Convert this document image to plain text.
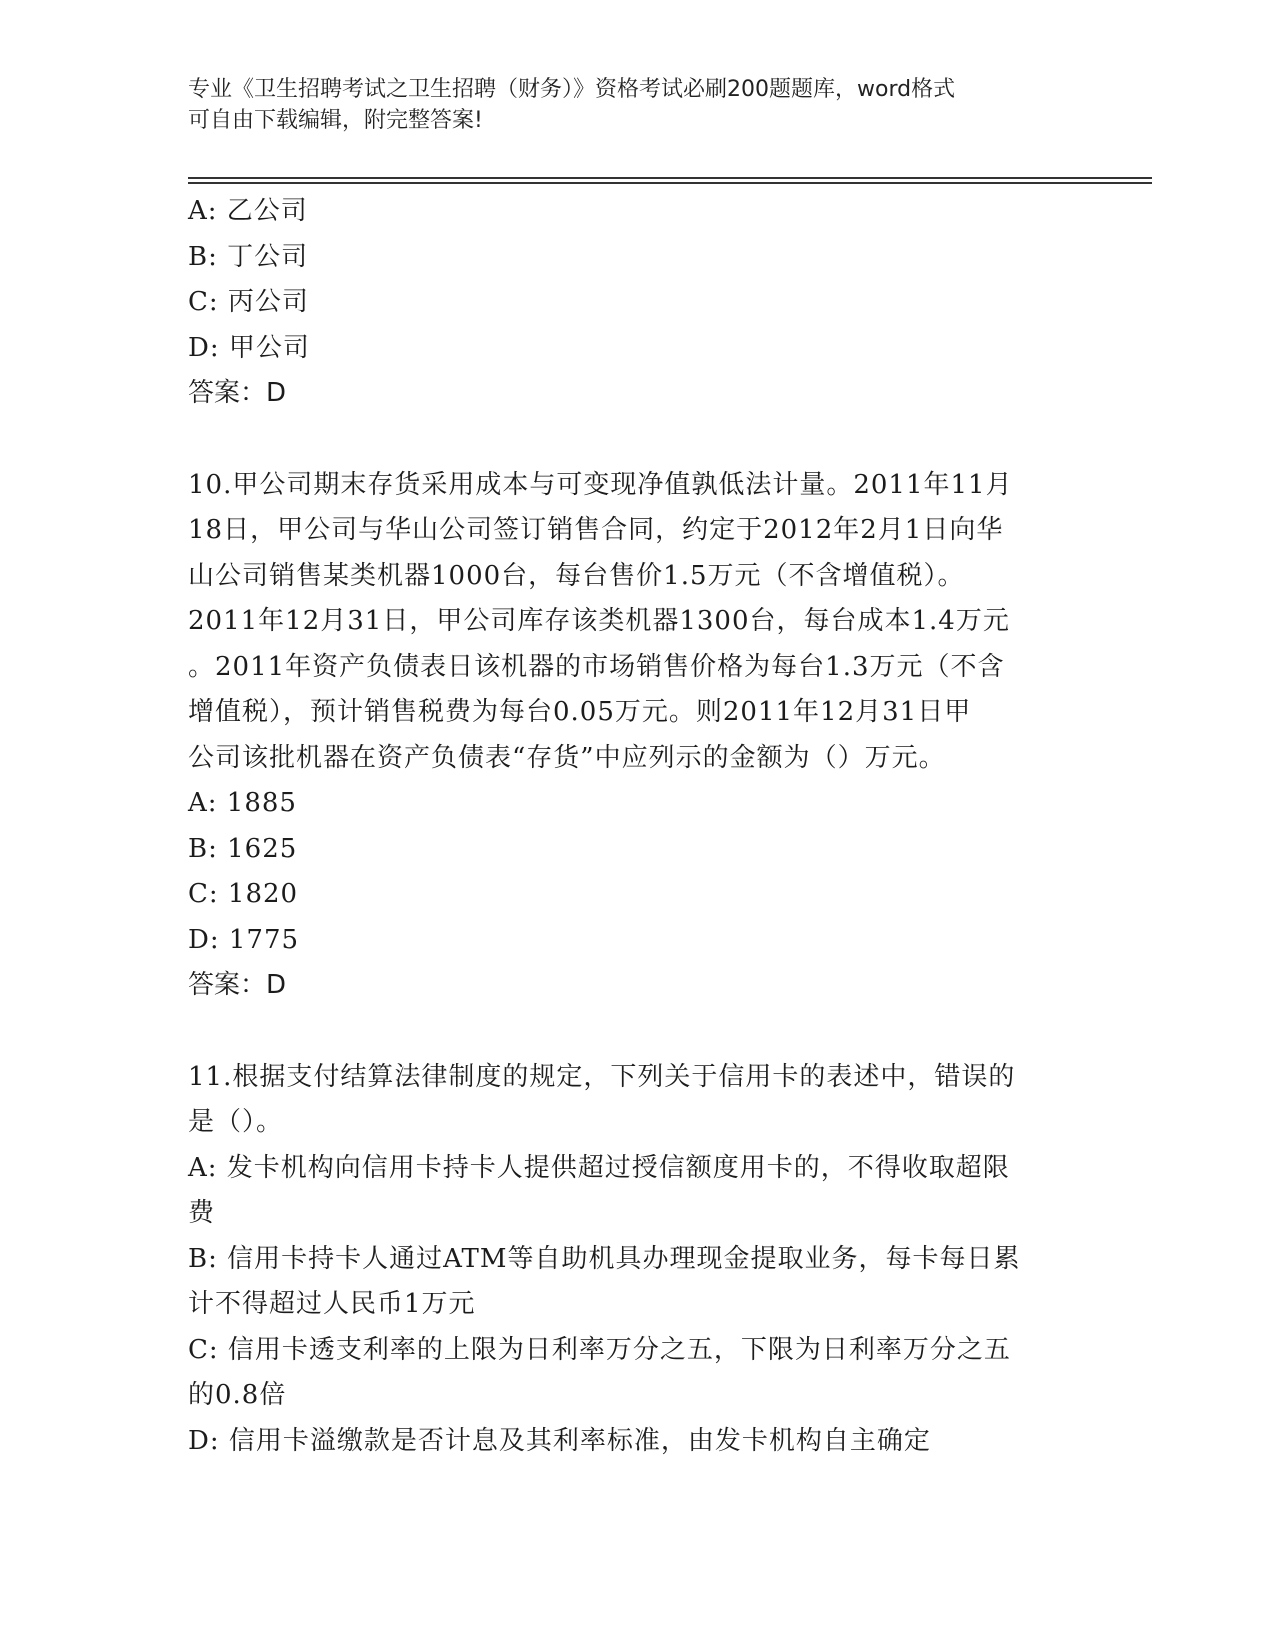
专业《卫生招聘考试之卫生招聘（财务）》资格考试必刷200题题库，word格式
可自由下载编辑，附完整答案!
A: 乙公司
B: 丁公司
C: 丙公司
D: 甲公司
答案：D
10.甲公司期末存货采用成本与可变现净值孰低法计量。2011年11月
18日，甲公司与华山公司签订销售合同，约定于2012年2月1日向华
山公司销售某类机器1000台，每台售价1.5万元（不含增值税）。
2011年12月31日，甲公司库存该类机器1300台，每台成本1.4万元
。2011年资产负债表日该机器的市场销售价格为每台1.3万元（不含
增值税），预计销售税费为每台0.05万元。则2011年12月31日甲
公司该批机器在资产负债表“存货”中应列示的金额为（）万元。
A: 1885
B: 1625
C: 1820
D: 1775
答案：D
11.根据支付结算法律制度的规定，下列关于信用卡的表述中，错误的
是（）。
A: 发卡机构向信用卡持卡人提供超过授信额度用卡的，不得收取超限
费
B: 信用卡持卡人通过ATM等自助机具办理现金提取业务，每卡每日累
计不得超过人民币1万元
C: 信用卡透支利率的上限为日利率万分之五，下限为日利率万分之五
的0.8倍
D: 信用卡溢缴款是否计息及其利率标准，由发卡机构自主确定
